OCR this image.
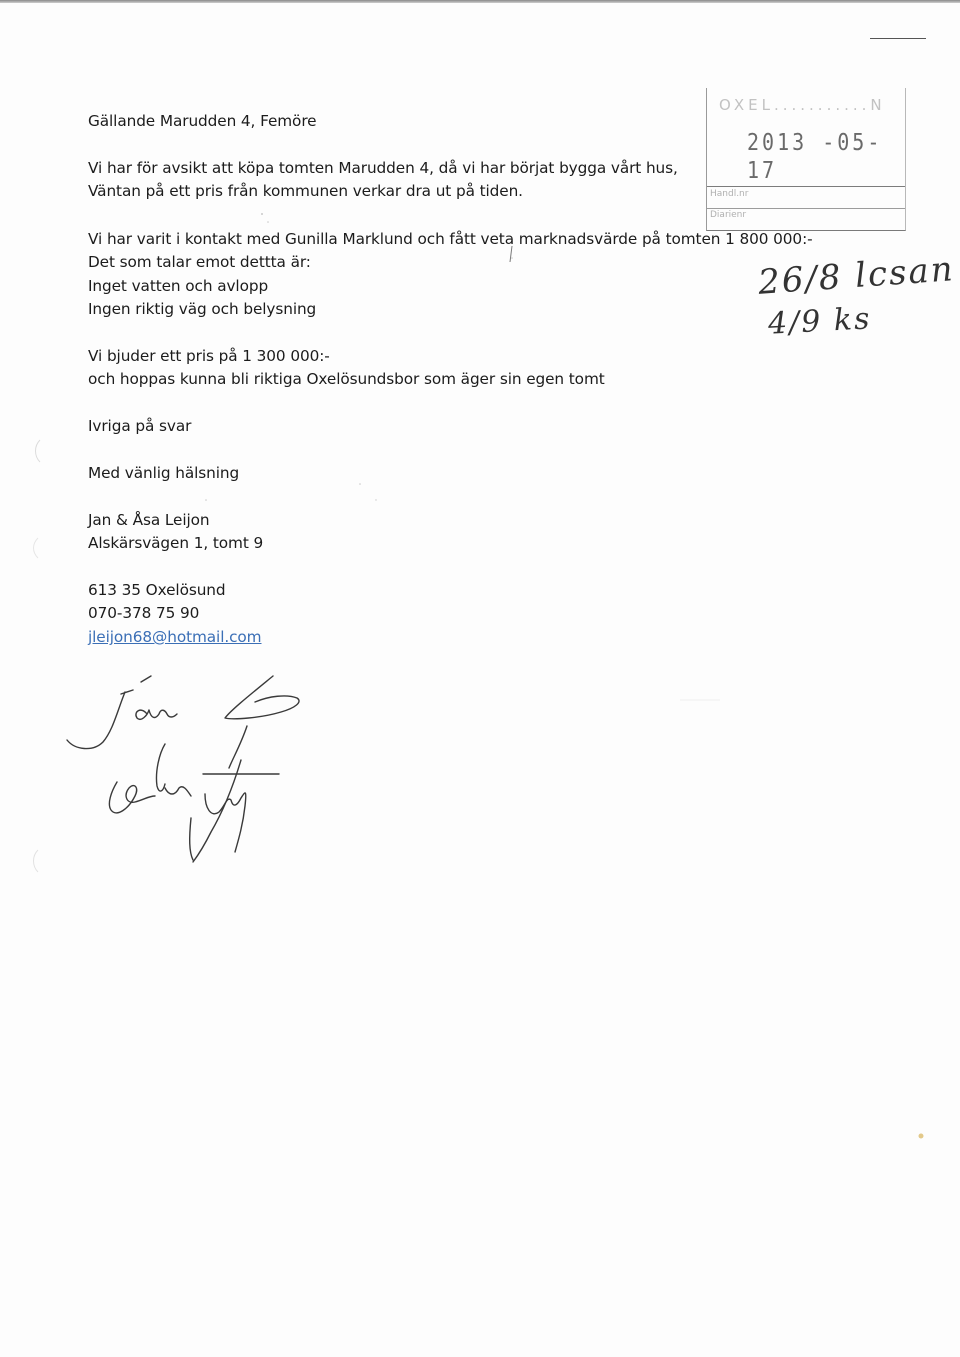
OXEL...........N
2013 -05- 17
Handl.nr
Diarienr
26/8 lcsan
4/9 ks
Gällande Marudden 4, Femöre
Vi har för avsikt att köpa tomten Marudden 4, då vi har börjat bygga vårt hus,
Väntan på ett pris från kommunen verkar dra ut på tiden.
Vi har varit i kontakt med Gunilla Marklund och fått veta marknadsvärde på tomten 1 800 000:-
Det som talar emot dettta är:
Inget vatten och avlopp
Ingen riktig väg och belysning
Vi bjuder ett pris på 1 300 000:-
och hoppas kunna bli riktiga Oxelösundsbor som äger sin egen tomt
Ivriga på svar
Med vänlig hälsning
Jan & Åsa Leijon
Alskärsvägen 1, tomt 9
613 35 Oxelösund
070-378 75 90
jleijon68@hotmail.com
